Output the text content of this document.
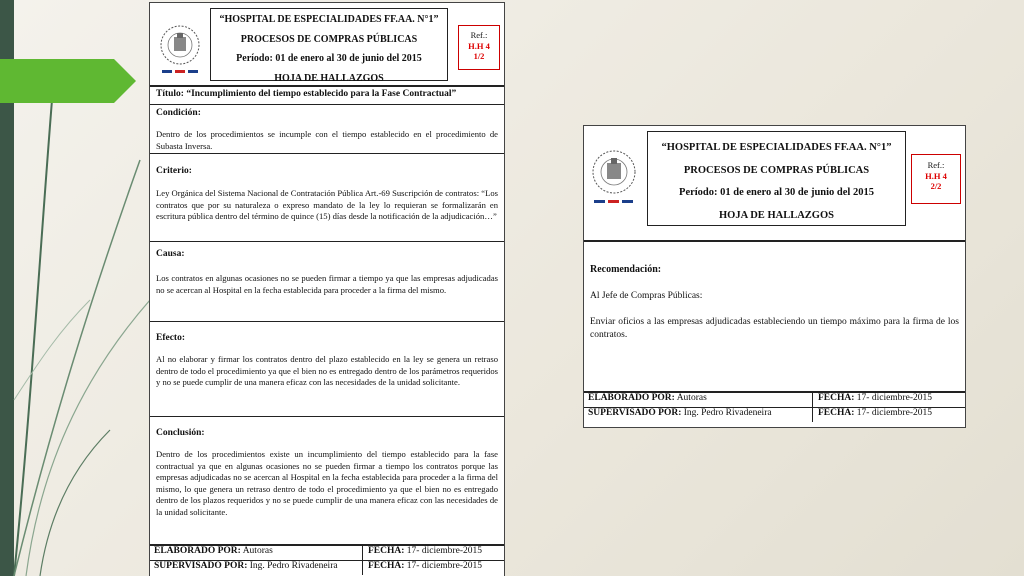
“HOSPITAL DE ESPECIALIDADES FF.AA. N°1”
PROCESOS DE COMPRAS PÚBLICAS
Período: 01 de enero al 30 de junio del 2015
HOJA DE HALLAZGOS
Ref.:
H.H 4
1/2
Título: “Incumplimiento del tiempo establecido para la Fase Contractual”
Condición:
Dentro de los procedimientos se incumple con el tiempo establecido en el procedimiento de Subasta Inversa.
Criterio:
Ley Orgánica del Sistema Nacional de Contratación Pública Art.-69 Suscripción de contratos: “Los contratos que por su naturaleza o expreso mandato de la ley lo requieran se formalizarán en escritura pública dentro del término de quince (15) días desde la notificación de la adjudicación…”
Causa:
Los contratos en algunas ocasiones no se pueden firmar a tiempo ya que las empresas adjudicadas no se acercan al Hospital en la fecha establecida para proceder a la firma del mismo.
Efecto:
Al no elaborar y firmar los contratos dentro del plazo establecido en la ley se genera un retraso dentro de todo el procedimiento ya que el bien no es entregado dentro de los parámetros requeridos y no se puede cumplir de una manera eficaz con las necesidades de la unidad solicitante.
Conclusión:
Dentro de los procedimientos existe un incumplimiento del tiempo establecido para la fase contractual ya que en algunas ocasiones no se pueden firmar a tiempo los contratos porque las empresas adjudicadas no se acercan al Hospital en la fecha establecida para proceder a la firma del mismo, lo que genera un retraso dentro de todo el procedimiento ya que el bien no es entregado dentro de los plazos requeridos y no se puede cumplir de una manera eficaz con las necesidades de la unidad solicitante.
ELABORADO POR: Autoras	FECHA: 17- diciembre-2015
SUPERVISADO POR: Ing. Pedro Rivadeneira	FECHA: 17- diciembre-2015
“HOSPITAL DE ESPECIALIDADES FF.AA. N°1”
PROCESOS DE COMPRAS PÚBLICAS
Período: 01 de enero al 30 de junio del 2015
HOJA DE HALLAZGOS
Ref.:
H.H 4
2/2
Recomendación:
Al Jefe de Compras Públicas:
Enviar oficios a las empresas adjudicadas estableciendo un tiempo máximo para la firma de los contratos.
ELABORADO POR: Autoras	FECHA: 17- diciembre-2015
SUPERVISADO POR: Ing. Pedro Rivadeneira	FECHA: 17- diciembre-2015
